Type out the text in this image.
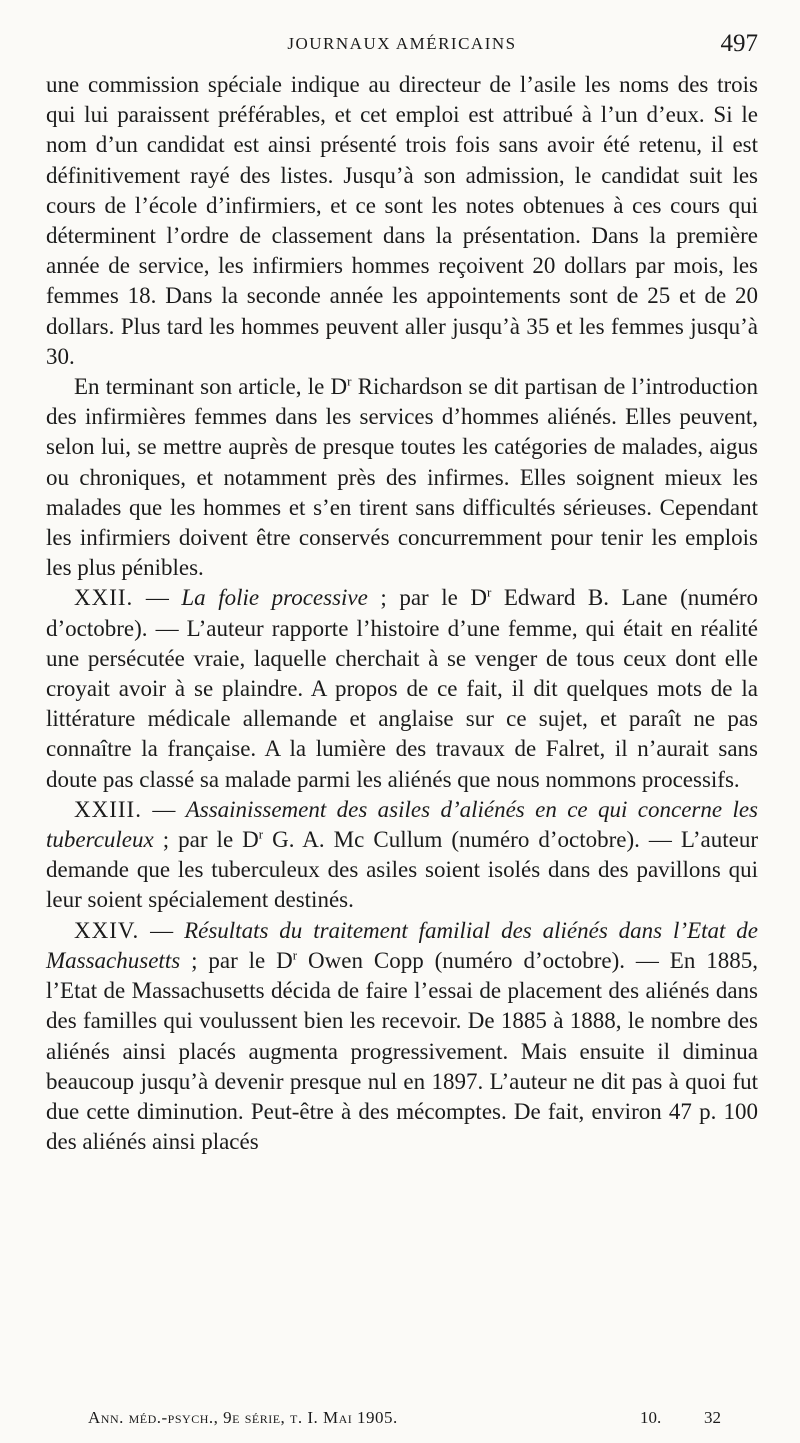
JOURNAUX AMÉRICAINS	497

une commission spéciale indique au directeur de l’asile les noms des trois qui lui paraissent préférables, et cet emploi est attribué à l’un d’eux. Si le nom d’un candidat est ainsi présenté trois fois sans avoir été retenu, il est définitivement rayé des listes. Jusqu’à son admission, le candidat suit les cours de l’école d’infirmiers, et ce sont les notes obtenues à ces cours qui déterminent l’ordre de classement dans la présentation. Dans la première année de service, les infirmiers hommes reçoivent 20 dollars par mois, les femmes 18. Dans la seconde année les appointements sont de 25 et de 20 dollars. Plus tard les hommes peuvent aller jusqu’à 35 et les femmes jusqu’à 30.

En terminant son article, le $D^r$ Richardson se dit partisan de l’introduction des infirmières femmes dans les services d’hommes aliénés. Elles peuvent, selon lui, se mettre auprès de presque toutes les catégories de malades, aigus ou chroniques, et notamment près des infirmes. Elles soignent mieux les malades que les hommes et s’en tirent sans difficultés sérieuses. Cependant les infirmiers doivent être conservés concurremment pour tenir les emplois les plus pénibles.

XXII. — La folie processive ; par le $D^r$ Edward B. Lane (numéro d’octobre). — L’auteur rapporte l’histoire d’une femme, qui était en réalité une persécutée vraie, laquelle cherchait à se venger de tous ceux dont elle croyait avoir à se plaindre. A propos de ce fait, il dit quelques mots de la littérature médicale allemande et anglaise sur ce sujet, et paraît ne pas connaître la française. A la lumière des travaux de Falret, il n’aurait sans doute pas classé sa malade parmi les aliénés que nous nommons processifs.

XXIII. — Assainissement des asiles d’aliénés en ce qui concerne les tuberculeux ; par le $D^r$ G. A. Mc Cullum (numéro d’octobre). — L’auteur demande que les tuberculeux des asiles soient isolés dans des pavillons qui leur soient spécialement destinés.

XXIV. — Résultats du traitement familial des aliénés dans l’Etat de Massachusetts ; par le $D^r$ Owen Copp (numéro d’octobre). — En 1885, l’Etat de Massachusetts décida de faire l’essai de placement des aliénés dans des familles qui voulussent bien les recevoir. De 1885 à 1888, le nombre des aliénés ainsi placés augmenta progressivement. Mais ensuite il diminua beaucoup jusqu’à devenir presque nul en 1897. L’auteur ne dit pas à quoi fut due cette diminution. Peut-être à des mécomptes. De fait, environ 47 p. 100 des aliénés ainsi placés

Ann. méd.-psych., 9e série, t. I. Mai 1905.	10.	32
